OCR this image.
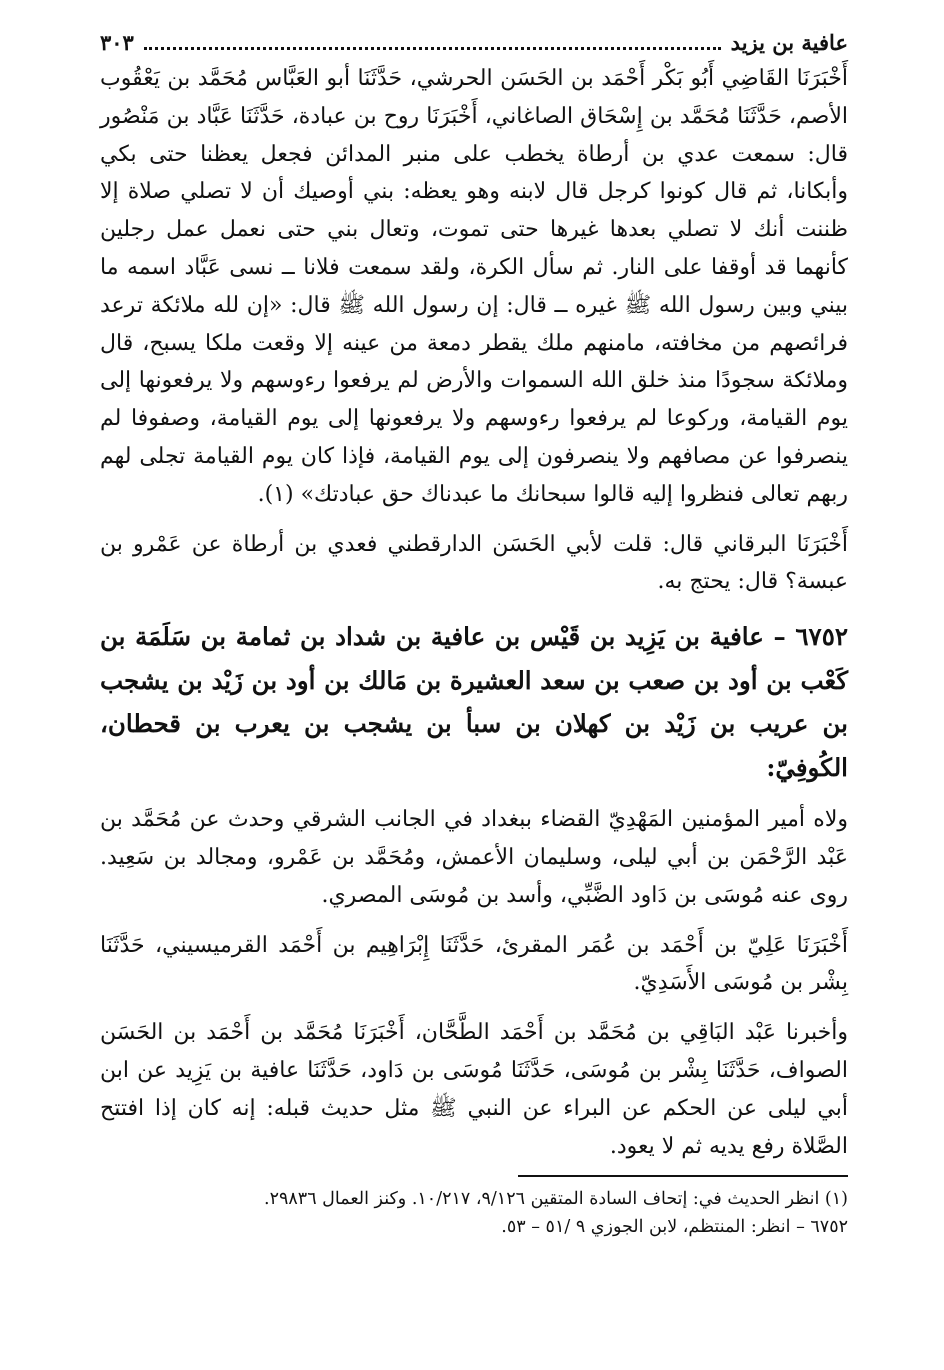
عافية بن يزيد
٣٠٣

أَخْبَرَنَا القَاضِي أَبُو بَكْر أَحْمَد بن الحَسَن الحرشي، حَدَّثَنَا أبو العَبَّاس مُحَمَّد بن يَعْقُوب الأصم، حَدَّثَنَا مُحَمَّد بن إِسْحَاق الصاغاني، أَخْبَرَنَا روح بن عبادة، حَدَّثَنَا عَبَّاد بن مَنْصُور قال: سمعت عدي بن أرطاة يخطب على منبر المدائن فجعل يعظنا حتى بكي وأبكانا، ثم قال كونوا كرجل قال لابنه وهو يعظه: بني أوصيك أن لا تصلي صلاة إلا ظننت أنك لا تصلي بعدها غيرها حتى تموت، وتعال بني حتى نعمل عمل رجلين كأنهما قد أوقفا على النار. ثم سأل الكرة، ولقد سمعت فلانا ــ نسى عَبَّاد اسمه ما بيني وبين رسول الله ﷺ غيره ــ قال: إن رسول الله ﷺ قال: «إن لله ملائكة ترعد فرائصهم من مخافته، مامنهم ملك يقطر دمعة من عينه إلا وقعت ملكا يسبح، قال وملائكة سجودًا منذ خلق الله السموات والأرض لم يرفعوا رءوسهم ولا يرفعونها إلى يوم القيامة، وركوعا لم يرفعوا رءوسهم ولا يرفعونها إلى يوم القيامة، وصفوفا لم ينصرفوا عن مصافهم ولا ينصرفون إلى يوم القيامة، فإذا كان يوم القيامة تجلى لهم ربهم تعالى فنظروا إليه قالوا سبحانك ما عبدناك حق عبادتك» (١).

أَخْبَرَنَا البرقاني قال: قلت لأبي الحَسَن الدارقطني فعدي بن أرطاة عن عَمْرو بن عبسة؟ قال: يحتج به.

٦٧٥٢ – عافية بن يَزِيد بن قَيْس بن عافية بن شداد بن ثمامة بن سَلَمَة بن كَعْب بن أود بن صعب بن سعد العشيرة بن مَالك بن أود بن زَيْد بن يشجب بن عريب بن زَيْد بن كهلان بن سبأ بن يشجب بن يعرب بن قحطان، الكُوفِيّ:

ولاه أمير المؤمنين المَهْدِيّ القضاء ببغداد في الجانب الشرقي وحدث عن مُحَمَّد بن عَبْد الرَّحْمَن بن أبي ليلى، وسليمان الأعمش، ومُحَمَّد بن عَمْرو، ومجالد بن سَعِيد. روى عنه مُوسَى بن دَاود الضَّبِّي، وأسد بن مُوسَى المصري.

أَخْبَرَنَا عَلِيّ بن أَحْمَد بن عُمَر المقرئ، حَدَّثَنَا إِبْرَاهِيم بن أَحْمَد القرميسيني، حَدَّثَنَا بِشْر بن مُوسَى الأَسَدِيّ.

وأخبرنا عَبْد البَاقِي بن مُحَمَّد بن أَحْمَد الطَّحَّان، أَخْبَرَنَا مُحَمَّد بن أَحْمَد بن الحَسَن الصواف، حَدَّثَنَا بِشْر بن مُوسَى، حَدَّثَنَا مُوسَى بن دَاود، حَدَّثَنَا عافية بن يَزِيد عن ابن أبي ليلى عن الحكم عن البراء عن النبي ﷺ مثل حديث قبله: إنه كان إذا افتتح الصَّلاة رفع يديه ثم لا يعود.

(١) انظر الحديث في: إتحاف السادة المتقين ٩/١٢٦، ١٠/٢١٧. وكنز العمال ٢٩٨٣٦.

٦٧٥٢ – انظر: المنتظم، لابن الجوزي ٩ /٥١ – ٥٣.
